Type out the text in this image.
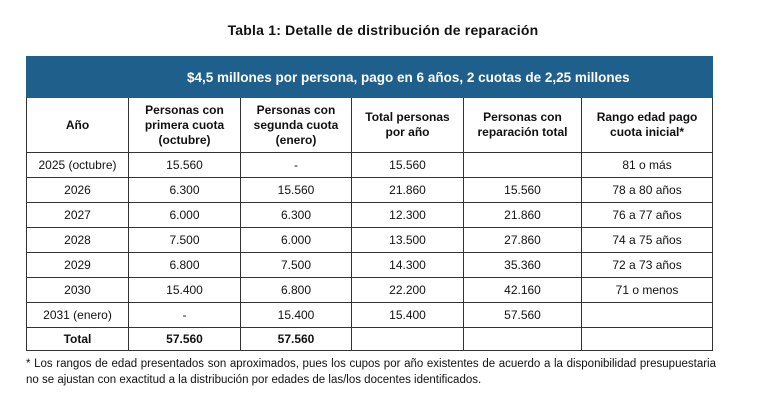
Tabla 1: Detalle de distribución de reparación
$4,5 millones por persona, pago en 6 años, 2 cuotas de 2,25 millones					
Año	Personas con primera cuota (octubre)	Personas con segunda cuota (enero)	Total personas por año	Personas con reparación total	Rango edad pago cuota inicial*
2025 (octubre)	15.560	-	15.560		81 o más
2026	6.300	15.560	21.860	15.560	78 a 80 años
2027	6.000	6.300	12.300	21.860	76 a 77 años
2028	7.500	6.000	13.500	27.860	74 a 75 años
2029	6.800	7.500	14.300	35.360	72 a 73 años
2030	15.400	6.800	22.200	42.160	71 o menos
2031 (enero)	-	15.400	15.400	57.560	
Total	57.560	57.560			
* Los rangos de edad presentados son aproximados, pues los cupos por año existentes de acuerdo a la disponibilidad presupuestaria no se ajustan con exactitud a la distribución por edades de las/los docentes identificados.
